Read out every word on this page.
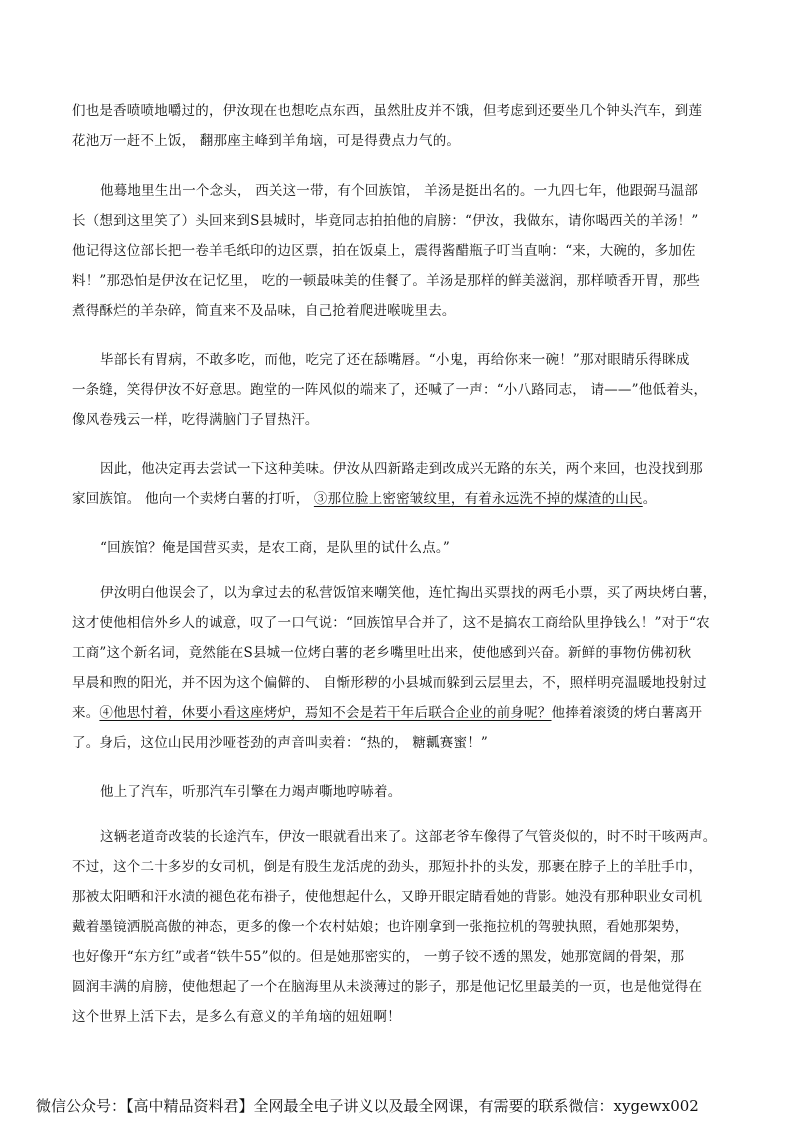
们也是香喷喷地嚼过的，伊汝现在也想吃点东西，虽然肚皮并不饿，但考虑到还要坐几个钟头汽车，到莲
花池万一赶不上饭， 翻那座主峰到羊角垴，可是得费点力气的。
他蓦地里生出一个念头， 西关这一带，有个回族馆， 羊汤是挺出名的。一九四七年，他跟弼马温部
长（想到这里笑了）头回来到S县城时，毕竟同志拍拍他的肩膀：“伊汝，我做东，请你喝西关的羊汤！”
他记得这位部长把一卷羊毛纸印的边区票，拍在饭桌上，震得酱醋瓶子叮当直响：“来，大碗的，多加佐
料！”那恐怕是伊汝在记忆里， 吃的一顿最味美的佳餐了。羊汤是那样的鲜美滋润，那样喷香开胃，那些
煮得酥烂的羊杂碎，简直来不及品味，自己抢着爬进喉咙里去。
毕部长有胃病，不敢多吃，而他，吃完了还在舔嘴唇。“小鬼，再给你来一碗！”那对眼睛乐得眯成
一条缝，笑得伊汝不好意思。跑堂的一阵风似的端来了，还喊了一声：“小八路同志， 请——”他低着头，
像风卷残云一样，吃得满脑门子冒热汗。
因此，他决定再去尝试一下这种美味。伊汝从四新路走到改成兴无路的东关，两个来回，也没找到那
家回族馆。 他向一个卖烤白薯的打听， ③那位脸上密密皱纹里，有着永远洗不掉的煤渣的山民。
“回族馆？俺是国营买卖，是农工商，是队里的试什么点。”
伊汝明白他误会了，以为拿过去的私营饭馆来嘲笑他，连忙掏出买票找的两毛小票，买了两块烤白薯，
这才使他相信外乡人的诚意，叹了一口气说：“回族馆早合并了，这不是搞农工商给队里挣钱么！”对于“农
工商”这个新名词，竟然能在S县城一位烤白薯的老乡嘴里吐出来，使他感到兴奋。新鲜的事物仿佛初秋
早晨和煦的阳光，并不因为这个偏僻的、 自惭形秽的小县城而躲到云层里去，不，照样明亮温暖地投射过
来。④他思忖着，休要小看这座烤炉，焉知不会是若干年后联合企业的前身呢？他捧着滚烫的烤白薯离开
了。身后，这位山民用沙哑苍劲的声音叫卖着：“热的， 糖瓤赛蜜！”
他上了汽车，听那汽车引擎在力竭声嘶地哼哧着。
这辆老道奇改装的长途汽车，伊汝一眼就看出来了。这部老爷车像得了气管炎似的，时不时干咳两声。
不过，这个二十多岁的女司机，倒是有股生龙活虎的劲头，那短扑扑的头发，那裹在脖子上的羊肚手巾，
那被太阳晒和汗水渍的褪色花布褂子，使他想起什么，又睁开眼定睛看她的背影。她没有那种职业女司机
戴着墨镜洒脱高傲的神态，更多的像一个农村姑娘；也许刚拿到一张拖拉机的驾驶执照，看她那架势，
也好像开“东方红”或者“铁牛55”似的。但是她那密实的， 一剪子铰不透的黑发，她那宽阔的骨架，那
圆润丰满的肩膀，使他想起了一个在脑海里从未淡薄过的影子，那是他记忆里最美的一页，也是他觉得在
这个世界上活下去，是多么有意义的羊角垴的妞妞啊！
微信公众号：【高中精品资料君】全网最全电子讲义以及最全网课，有需要的联系微信：xygewx002
